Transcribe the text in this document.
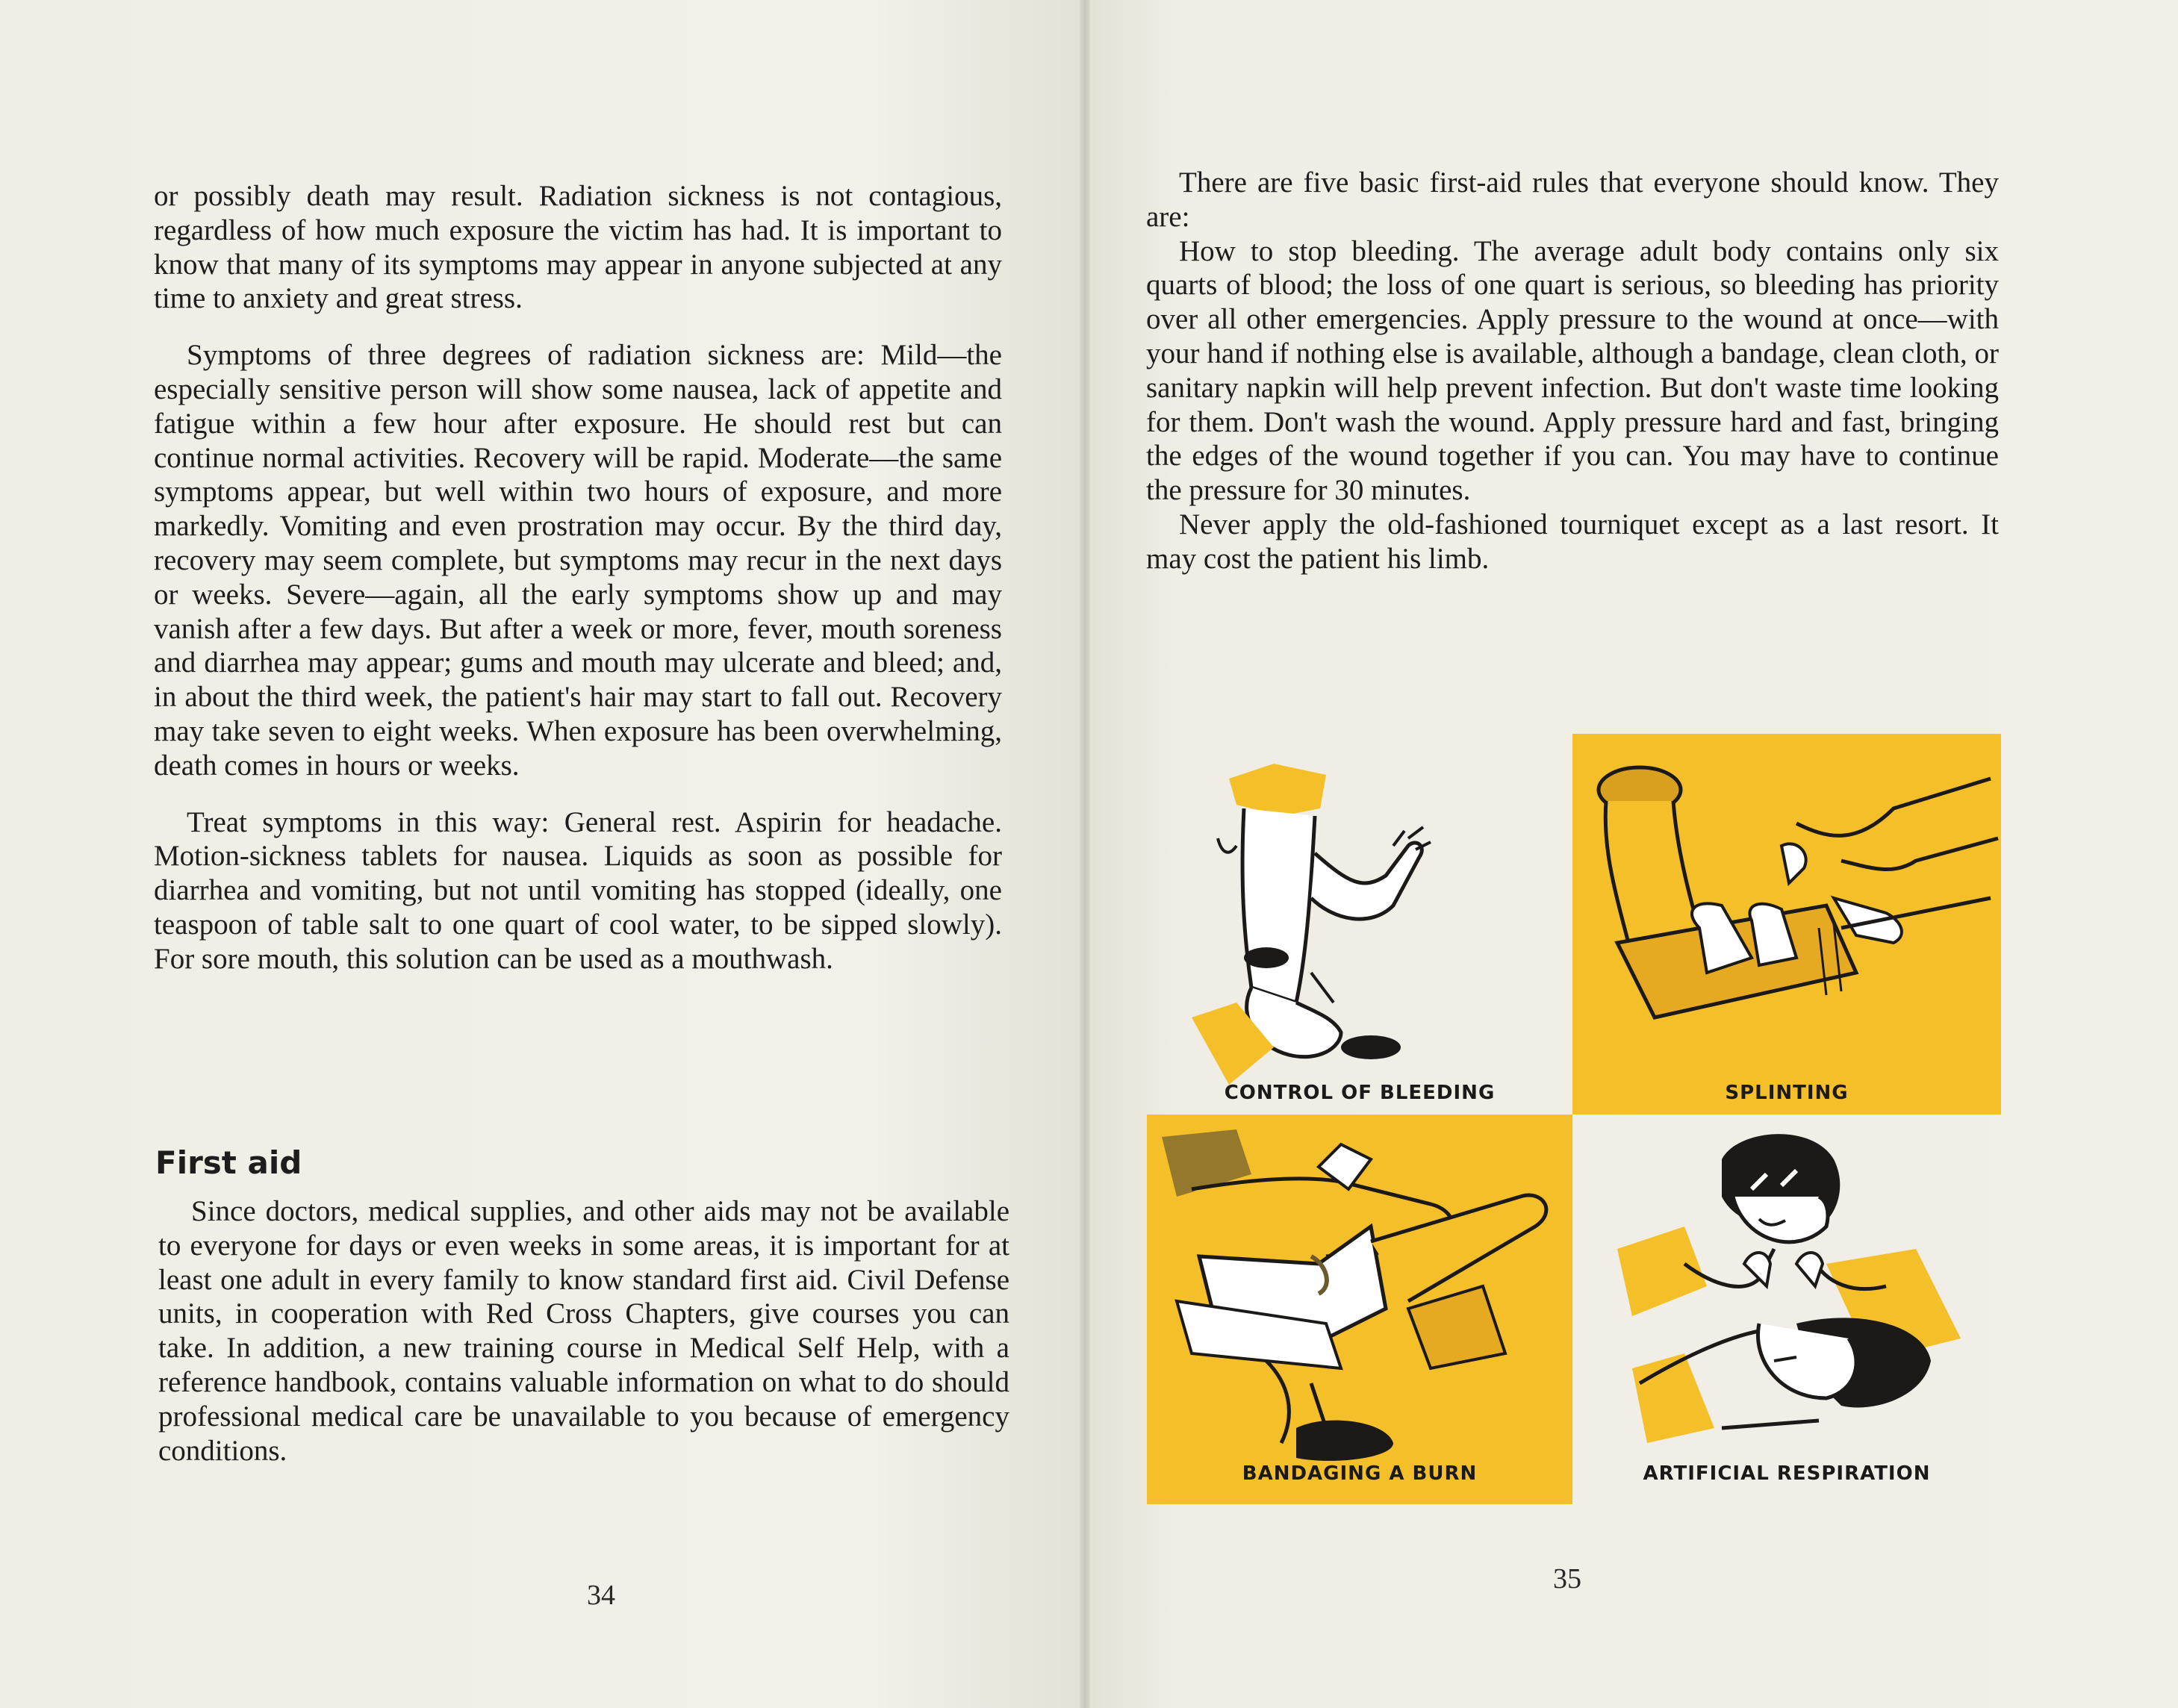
or possibly death may result. Radiation sickness is not contagious, regardless of how much exposure the victim has had. It is important to know that many of its symptoms may appear in anyone subjected at any time to anxiety and great stress.

Symptoms of three degrees of radiation sickness are: Mild—the especially sensitive person will show some nausea, lack of appetite and fatigue within a few hour after exposure. He should rest but can continue normal activities. Recovery will be rapid. Moderate—the same symptoms appear, but well within two hours of exposure, and more markedly. Vomiting and even prostration may occur. By the third day, recovery may seem complete, but symptoms may recur in the next days or weeks. Severe—again, all the early symptoms show up and may vanish after a few days. But after a week or more, fever, mouth soreness and diarrhea may appear; gums and mouth may ulcerate and bleed; and, in about the third week, the patient's hair may start to fall out. Recovery may take seven to eight weeks. When exposure has been overwhelming, death comes in hours or weeks.

Treat symptoms in this way: General rest. Aspirin for headache. Motion-sickness tablets for nausea. Liquids as soon as possible for diarrhea and vomiting, but not until vomiting has stopped (ideally, one teaspoon of table salt to one quart of cool water, to be sipped slowly). For sore mouth, this solution can be used as a mouthwash.

First aid

Since doctors, medical supplies, and other aids may not be available to everyone for days or even weeks in some areas, it is important for at least one adult in every family to know standard first aid. Civil Defense units, in cooperation with Red Cross Chapters, give courses you can take. In addition, a new training course in Medical Self Help, with a reference handbook, contains valuable information on what to do should professional medical care be unavailable to you because of emergency conditions.

34

There are five basic first-aid rules that everyone should know. They are:

How to stop bleeding. The average adult body contains only six quarts of blood; the loss of one quart is serious, so bleeding has priority over all other emergencies. Apply pressure to the wound at once—with your hand if nothing else is available, although a bandage, clean cloth, or sanitary napkin will help prevent infection. But don't waste time looking for them. Don't wash the wound. Apply pressure hard and fast, bringing the edges of the wound together if you can. You may have to continue the pressure for 30 minutes.

Never apply the old-fashioned tourniquet except as a last resort. It may cost the patient his limb.

CONTROL OF BLEEDING	SPLINTING
BANDAGING A BURN	ARTIFICIAL RESPIRATION
35
